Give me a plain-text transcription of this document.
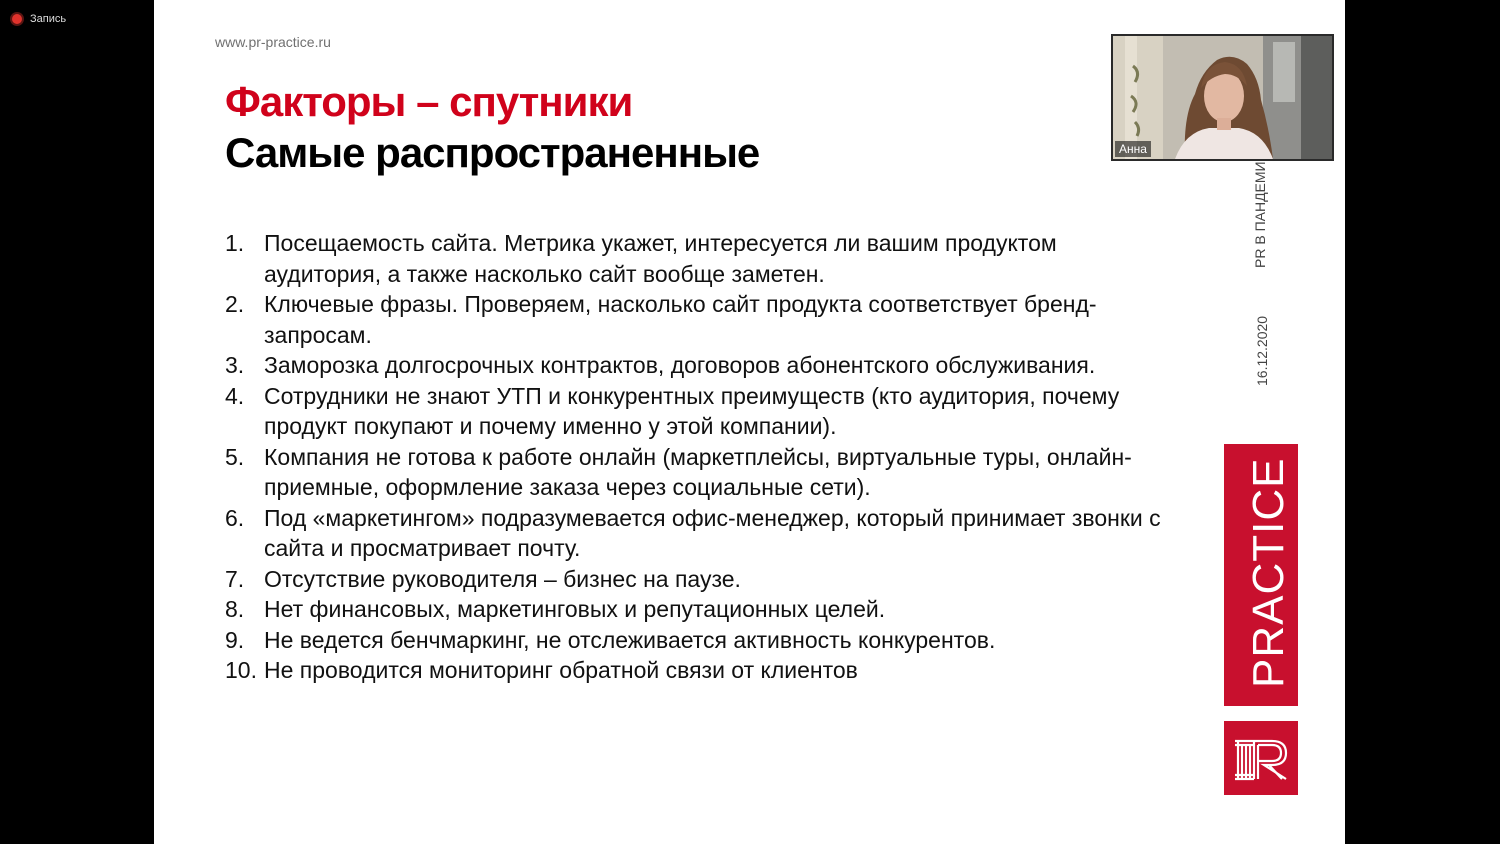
Запись
www.pr-practice.ru
Факторы – спутники
Самые распространенные
1. Посещаемость сайта. Метрика укажет, интересуется ли вашим продуктом аудитория, а также насколько сайт вообще заметен.
2. Ключевые фразы. Проверяем, насколько сайт продукта соответствует бренд-запросам.
3. Заморозка долгосрочных контрактов, договоров абонентского обслуживания.
4. Сотрудники не знают УТП и конкурентных преимуществ (кто аудитория, почему продукт покупают и почему именно у этой компании).
5. Компания не готова к работе онлайн (маркетплейсы, виртуальные туры, онлайн-приемные, оформление заказа через социальные сети).
6. Под «маркетингом» подразумевается офис-менеджер, который принимает звонки с сайта и просматривает почту.
7. Отсутствие руководителя – бизнес на паузе.
8. Нет финансовых, маркетинговых и репутационных целей.
9. Не ведется бенчмаркинг, не отслеживается активность конкурентов.
10. Не проводится мониторинг обратной связи от клиентов
PR В ПАНДЕМИ
16.12.2020
PRACTICE
Анна
